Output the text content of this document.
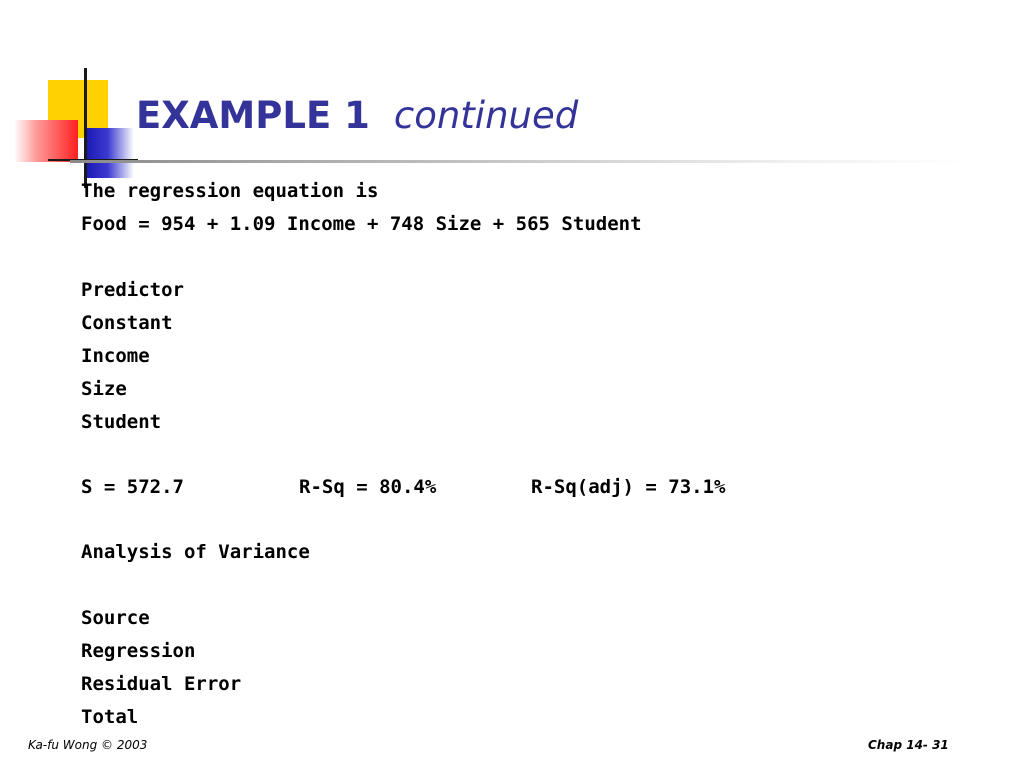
EXAMPLE 1 continued
The regression equation is
Food = 954 + 1.09 Income + 748 Size + 565 Student
Predictor
Constant
Income
Size
Student
S = 572.7	R-Sq = 80.4%	R-Sq(adj) = 73.1%
Analysis of Variance
Source
Regression
Residual Error
Total
Ka-fu Wong © 2003	Chap 14- 31
